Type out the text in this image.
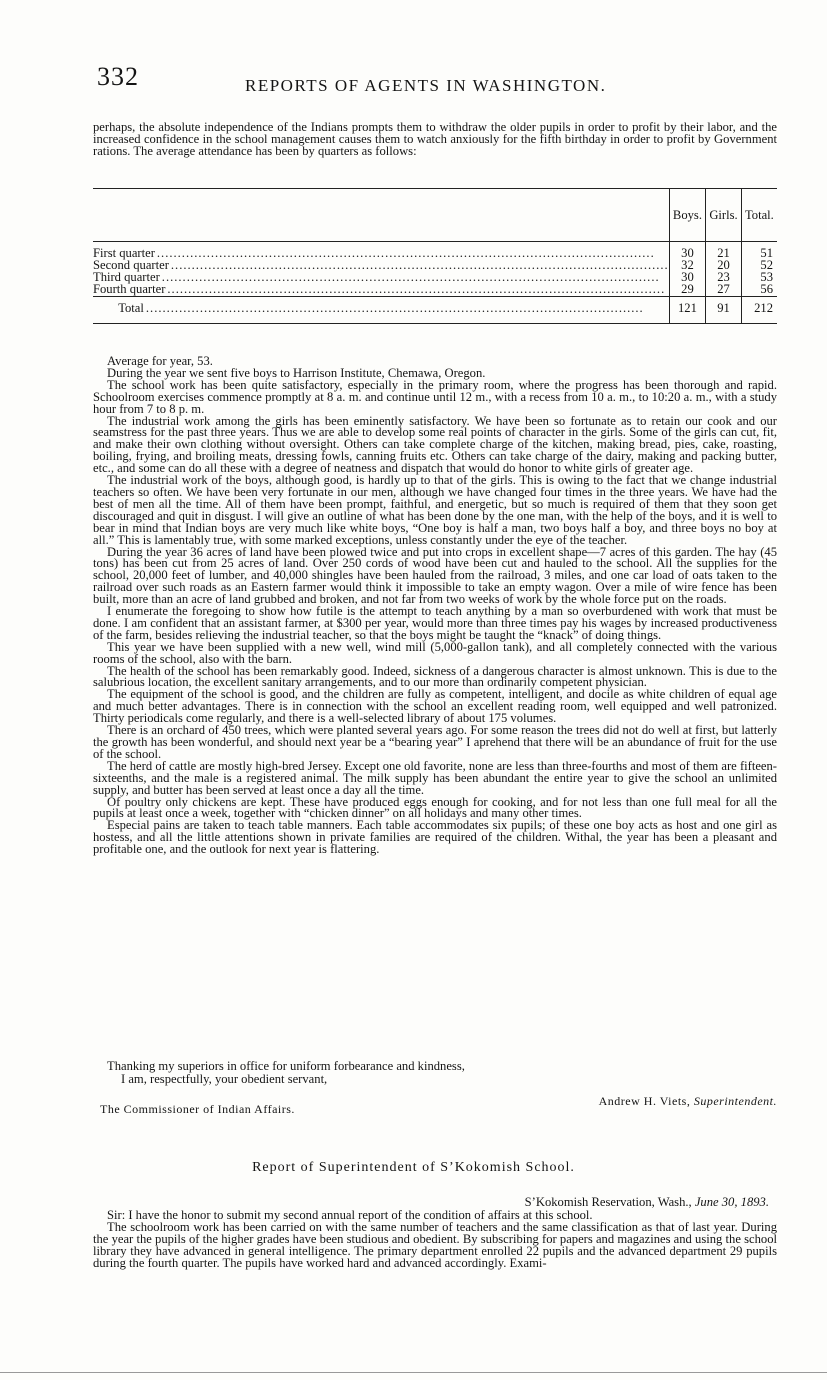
332	REPORTS OF AGENTS IN WASHINGTON.

perhaps, the absolute independence of the Indians prompts them to withdraw the older pupils in order to profit by their labor, and the increased confidence in the school management causes them to watch anxiously for the fifth birthday in order to profit by Government rations. The average attendance has been by quarters as follows:

	Boys.	Girls.	Total.
First quarter ........................................................................................................................	30	21	51
Second quarter ........................................................................................................................	32	20	52
Third quarter ........................................................................................................................	30	23	53
Fourth quarter ........................................................................................................................	29	27	56
Total ........................................................................................................................	121	91	212

Average for year, 53.

During the year we sent five boys to Harrison Institute, Chemawa, Oregon.

The school work has been quite satisfactory, especially in the primary room, where the progress has been thorough and rapid. Schoolroom exercises commence promptly at 8 a. m. and continue until 12 m., with a recess from 10 a. m., to 10:20 a. m., with a study hour from 7 to 8 p. m.

The industrial work among the girls has been eminently satisfactory. We have been so fortunate as to retain our cook and our seamstress for the past three years. Thus we are able to develop some real points of character in the girls. Some of the girls can cut, fit, and make their own clothing without oversight. Others can take complete charge of the kitchen, making bread, pies, cake, roasting, boiling, frying, and broiling meats, dressing fowls, canning fruits etc. Others can take charge of the dairy, making and packing butter, etc., and some can do all these with a degree of neatness and dispatch that would do honor to white girls of greater age.

The industrial work of the boys, although good, is hardly up to that of the girls. This is owing to the fact that we change industrial teachers so often. We have been very fortunate in our men, although we have changed four times in the three years. We have had the best of men all the time. All of them have been prompt, faithful, and energetic, but so much is required of them that they soon get discouraged and quit in disgust. I will give an outline of what has been done by the one man, with the help of the boys, and it is well to bear in mind that Indian boys are very much like white boys, “One boy is half a man, two boys half a boy, and three boys no boy at all.” This is lamentably true, with some marked exceptions, unless constantly under the eye of the teacher.

During the year 36 acres of land have been plowed twice and put into crops in excellent shape—7 acres of this garden. The hay (45 tons) has been cut from 25 acres of land. Over 250 cords of wood have been cut and hauled to the school. All the supplies for the school, 20,000 feet of lumber, and 40,000 shingles have been hauled from the railroad, 3 miles, and one car load of oats taken to the railroad over such roads as an Eastern farmer would think it impossible to take an empty wagon. Over a mile of wire fence has been built, more than an acre of land grubbed and broken, and not far from two weeks of work by the whole force put on the roads.

I enumerate the foregoing to show how futile is the attempt to teach anything by a man so overburdened with work that must be done. I am confident that an assistant farmer, at $300 per year, would more than three times pay his wages by increased productiveness of the farm, besides relieving the industrial teacher, so that the boys might be taught the “knack” of doing things.

This year we have been supplied with a new well, wind mill (5,000-gallon tank), and all completely connected with the various rooms of the school, also with the barn.

The health of the school has been remarkably good. Indeed, sickness of a dangerous character is almost unknown. This is due to the salubrious location, the excellent sanitary arrangements, and to our more than ordinarily competent physician.

The equipment of the school is good, and the children are fully as competent, intelligent, and docile as white children of equal age and much better advantages. There is in connection with the school an excellent reading room, well equipped and well patronized. Thirty periodicals come regularly, and there is a well-selected library of about 175 volumes.

There is an orchard of 450 trees, which were planted several years ago. For some reason the trees did not do well at first, but latterly the growth has been wonderful, and should next year be a “bearing year” I aprehend that there will be an abundance of fruit for the use of the school.

The herd of cattle are mostly high-bred Jersey. Except one old favorite, none are less than three-fourths and most of them are fifteen-sixteenths, and the male is a registered animal. The milk supply has been abundant the entire year to give the school an unlimited supply, and butter has been served at least once a day all the time.

Of poultry only chickens are kept. These have produced eggs enough for cooking, and for not less than one full meal for all the pupils at least once a week, together with “chicken dinner” on all holidays and many other times.

Especial pains are taken to teach table manners. Each table accommodates six pupils; of these one boy acts as host and one girl as hostess, and all the little attentions shown in private families are required of the children. Withal, the year has been a pleasant and profitable one, and the outlook for next year is flattering.

Thanking my superiors in office for uniform forbearance and kindness,
I am, respectfully, your obedient servant,
Andrew H. Viets, Superintendent.
The Commissioner of Indian Affairs.
Report of Superintendent of S’Kokomish School.
S’Kokomish Reservation, Wash., June 30, 1893.

Sir: I have the honor to submit my second annual report of the condition of affairs at this school.

The schoolroom work has been carried on with the same number of teachers and the same classification as that of last year. During the year the pupils of the higher grades have been studious and obedient. By subscribing for papers and magazines and using the school library they have advanced in general intelligence. The primary department enrolled 22 pupils and the advanced department 29 pupils during the fourth quarter. The pupils have worked hard and advanced accordingly. Exami-
